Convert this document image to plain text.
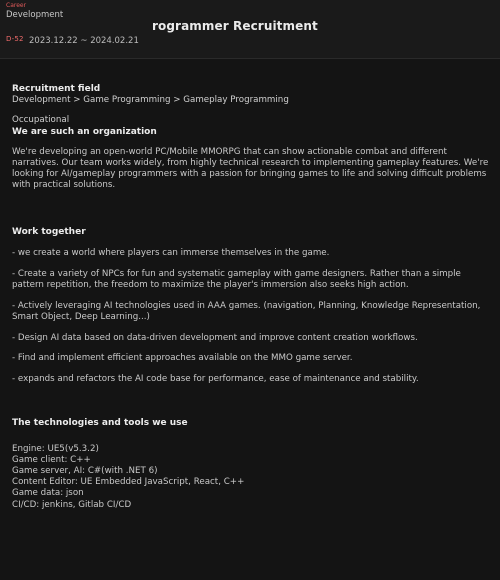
Career
Development
D-52 2023.12.22 ~ 2024.02.21
rogrammer Recruitment
Recruitment field
Development > Game Programming > Gameplay Programming
Occupational
We are such an organization

We're developing an open-world PC/Mobile MMORPG that can show actionable combat and different narratives. Our team works widely, from highly technical research to implementing gameplay features. We're looking for AI/gameplay programmers with a passion for bringing games to life and solving difficult problems with practical solutions.

Work together

- we create a world where players can immerse themselves in the game.

- Create a variety of NPCs for fun and systematic gameplay with game designers. Rather than a simple pattern repetition, the freedom to maximize the player's immersion also seeks high action.

- Actively leveraging AI technologies used in AAA games. (navigation, Planning, Knowledge Representation, Smart Object, Deep Learning...)

- Design AI data based on data-driven development and improve content creation workflows.

- Find and implement efficient approaches available on the MMO game server.

- expands and refactors the AI code base for performance, ease of maintenance and stability.

The technologies and tools we use
Engine: UE5(v5.3.2)
Game client: C++
Game server, AI: C#(with .NET 6)
Content Editor: UE Embedded JavaScript, React, C++
Game data: json
CI/CD: jenkins, Gitlab CI/CD
